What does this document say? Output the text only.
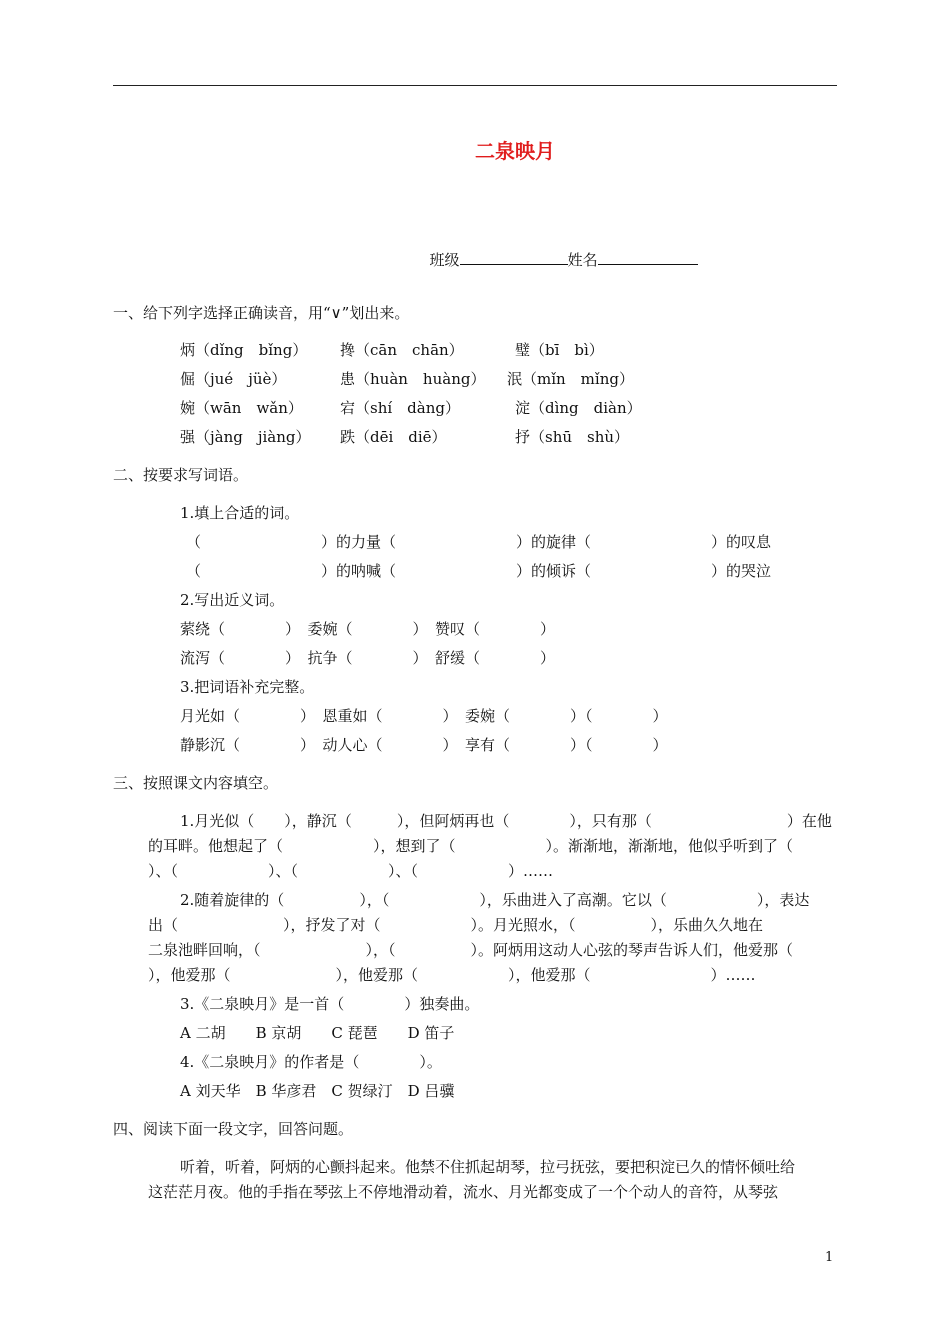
二泉映月

班级	姓名

一、给下列字选择正确读音，用“∨”划出来。
炳（dǐng　bǐng） 搀（cān　chān）	璧（bī　bì）
倔（jué　jüè）	患（huàn　huàng） 泯（mǐn　mǐng）
婉（wān　wǎn） 宕（shí　dàng）	淀（dìng　diàn）
强（jàng　jiàng） 跌（dēi　diē）	抒（shū　shù）
二、按要求写词语。
1.填上合适的词。
（　　　　　　　　）的力量（　　　　　　　　）的旋律（　　　　　　　　）的叹息
（　　　　　　　　）的呐喊（　　　　　　　　）的倾诉（　　　　　　　　）的哭泣
2.写出近义词。
萦绕（　　　　）　委婉（　　　　）　赞叹（　　　　）
流泻（　　　　）　抗争（　　　　）　舒缓（　　　　）
3.把词语补充完整。
月光如（　　　　）　恩重如（　　　　）　委婉（　　　　）（　　　　）
静影沉（　　　　）　动人心（　　　　）　享有（　　　　）（　　　　）
三、按照课文内容填空。
1.月光似（　　），静沉（　　　），但阿炳再也（　　　　），只有那（　　　　　　　　　）在他
的耳畔。他想起了（　　　　　　），想到了（　　　　　　）。渐渐地，渐渐地，他似乎听到了（
）、（　　　　　　）、（　　　　　　）、（　　　　　　）……
2.随着旋律的（　　　　　），（　　　　　　），乐曲进入了高潮。它以（　　　　　　），表达
出（　　　　　　　），抒发了对（　　　　　　）。月光照水，（　　　　　），乐曲久久地在
二泉池畔回响，（　　　　　　　），（　　　　　）。阿炳用这动人心弦的琴声告诉人们，他爱那（
），他爱那（　　　　　　　），他爱那（　　　　　　），他爱那（　　　　　　　　）……
3.《二泉映月》是一首（　　　　）独奏曲。
A 二胡　　B 京胡　　C 琵琶　　D 笛子
4.《二泉映月》的作者是（　　　　）。
A 刘天华　B 华彦君　C 贺绿汀　D 吕骥
四、阅读下面一段文字，回答问题。
听着，听着，阿炳的心颤抖起来。他禁不住抓起胡琴，拉弓抚弦，要把积淀已久的情怀倾吐给
这茫茫月夜。他的手指在琴弦上不停地滑动着，流水、月光都变成了一个个动人的音符，从琴弦
1
